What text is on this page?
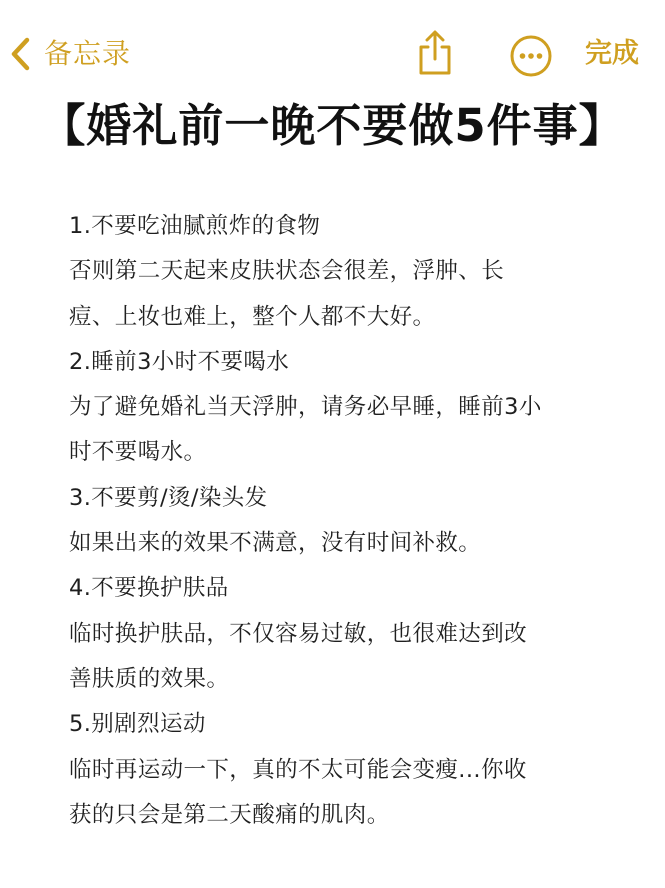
备忘录	完成
【婚礼前一晚不要做5件事】
1.不要吃油腻煎炸的食物
否则第二天起来皮肤状态会很差，浮肿、长
痘、上妆也难上，整个人都不大好。
2.睡前3小时不要喝水
为了避免婚礼当天浮肿，请务必早睡，睡前3小
时不要喝水。
3.不要剪/烫/染头发
如果出来的效果不满意，没有时间补救。
4.不要换护肤品
临时换护肤品，不仅容易过敏，也很难达到改
善肤质的效果。
5.别剧烈运动
临时再运动一下，真的不太可能会变瘦...你收
获的只会是第二天酸痛的肌肉。
